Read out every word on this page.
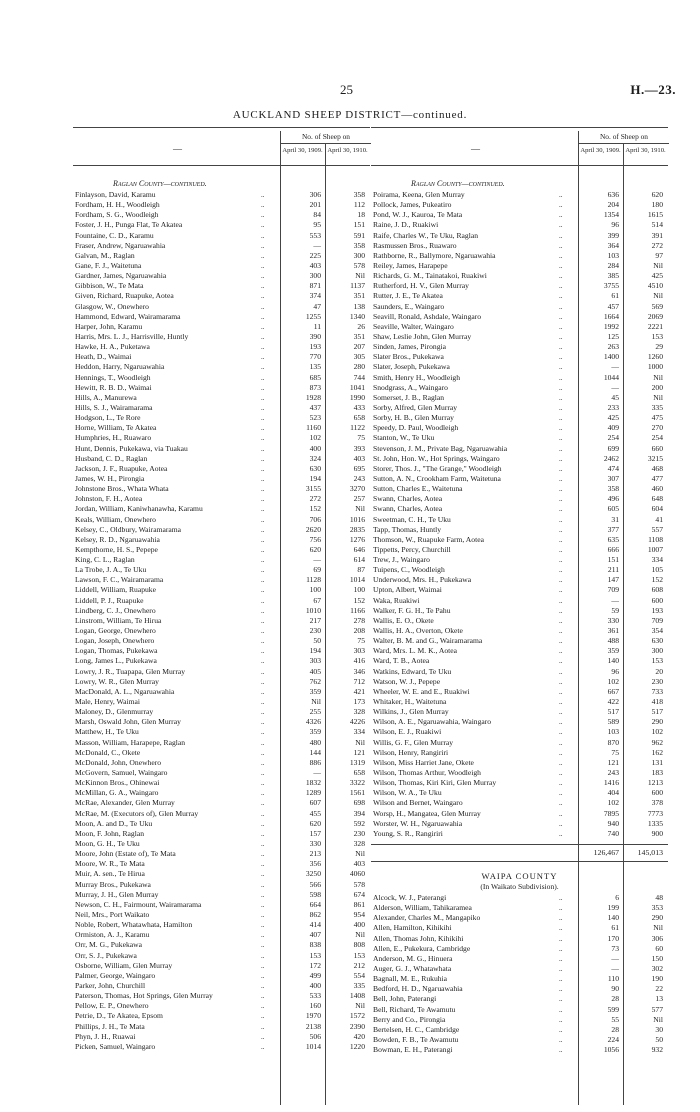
25	H.—23.
AUCKLAND SHEEP DISTRICT—continued.
—
No. of Sheep on
April 30, 1909. April 30, 1910.
Raglan County—continued.
Finlayson, David, Karamu	..	306	358
Fordham, H. H., Woodleigh	..	201	112
Fordham, S. G., Woodleigh	..	84	18
Foster, J. H., Punga Flat, Te Akatea	..	95	151
Fountaine, C. D., Karamu	..	553	591
Fraser, Andrew, Ngaruawahia	..	—	358
Galvan, M., Raglan	..	225	300
Gane, F. J., Waitetuna	..	403	578
Gardner, James, Ngaruawahia	..	300	Nil
Gibbison, W., Te Mata	..	871	1137
Given, Richard, Ruapuke, Aotea	..	374	351
Glasgow, W., Onewhero	..	47	138
Hammond, Edward, Wairamarama	..	1255	1340
Harper, John, Karamu	..	11	26
Harris, Mrs. L. J., Harrisville, Huntly	..	390	351
Hawke, H. A., Puketawa	..	193	207
Heath, D., Waimai	..	770	305
Heddon, Harry, Ngaruawahia	..	135	280
Hennings, T., Woodleigh	..	685	744
Hewitt, R. B. D., Waimai	..	873	1041
Hills, A., Manurewa	..	1928	1990
Hills, S. J., Wairamarama	..	437	433
Hodgson, L., Te Rore	..	523	658
Horne, William, Te Akatea	..	1160	1122
Humphries, H., Ruawaro	..	102	75
Hunt, Dennis, Pukekawa, via Tuakau	..	400	393
Husband, C. D., Raglan	..	324	403
Jackson, J. F., Ruapuke, Aotea	..	630	695
James, W. H., Pirongia	..	194	243
Johnstone Bros., Whata Whata	..	3155	3270
Johnston, F. H., Aotea	..	272	257
Jordan, William, Kaniwhanawha, Karamu	..	152	Nil
Keals, William, Onewhero	..	706	1016
Kelsey, C., Oldbury, Wairamarama	..	2620	2835
Kelsey, R. D., Ngaruawahia	..	756	1276
Kempthorne, H. S., Pepepe	..	620	646
King, C. L., Raglan	..	—	614
La Trobe, J. A., Te Uku	..	69	87
Lawson, F. C., Wairamarama	..	1128	1014
Liddell, William, Ruapuke	..	100	100
Liddell, P. J., Ruapuke	..	67	152
Lindberg, C. J., Onewhero	..	1010	1166
Linstrom, William, Te Hirua	..	217	278
Logan, George, Onewhero	..	230	208
Logan, Joseph, Onewhero	..	50	75
Logan, Thomas, Pukekawa	..	194	303
Long, James L., Pukekawa	..	303	416
Lowry, J. R., Tuapapa, Glen Murray	..	405	346
Lowry, W. R., Glen Murray	..	762	712
MacDonald, A. L., Ngaruawahia	..	359	421
Male, Henry, Waimai	..	Nil	173
Maloney, D., Glenmurray	..	255	328
Marsh, Oswald John, Glen Murray	..	4326	4226
Matthew, H., Te Uku	..	359	334
Masson, William, Harapepe, Raglan	..	480	Nil
McDonald, C., Okete	..	144	121
McDonald, John, Onewhero	..	886	1319
McGovern, Samuel, Waingaro	..	—	658
McKinnon Bros., Ohinewai	..	1832	3322
McMillan, G. A., Waingaro	..	1289	1561
McRae, Alexander, Glen Murray	..	607	698
McRae, M. (Executors of), Glen Murray	..	455	394
Moon, A. and D., Te Uku	..	620	592
Moon, F. John, Raglan	..	157	230
Moon, G. H., Te Uku	..	330	328
Moore, John (Estate of), Te Mata	..	213	Nil
Moore, W. R., Te Mata	..	356	403
Muir, A. sen., Te Hirua	..	3250	4060
Murray Bros., Pukekawa	..	566	578
Murray, J. H., Glen Murray	..	598	674
Newson, C. H., Fairmount, Wairamarama	..	664	861
Neil, Mrs., Port Waikato	..	862	954
Noble, Robert, Whatawhata, Hamilton	..	414	400
Ormiston, A. J., Karamu	..	407	Nil
Orr, M. G., Pukekawa	..	838	808
Orr, S. J., Pukekawa	..	153	153
Osborne, William, Glen Murray	..	172	212
Palmer, George, Waingaro	..	499	554
Parker, John, Churchill	..	400	335
Paterson, Thomas, Hot Springs, Glen Murray	..	533	1408
Pellow, E. P., Onewhero	..	160	Nil
Petrie, D., Te Akatea, Epsom	..	1970	1572
Phillips, J. H., Te Mata	..	2138	2390
Phyn, J. H., Ruawai	..	506	420
Picken, Samuel, Waingaro	..	1014	1220
—
No. of Sheep on
April 30, 1909. April 30, 1910.
Raglan County—continued.
Poirama, Keena, Glen Murray	..	636	620
Pollock, James, Pukeatiro	..	204	180
Pond, W. J., Kauroa, Te Mata	..	1354	1615
Raine, J. D., Ruakiwi	..	96	514
Raife, Charles W., Te Uku, Raglan	..	399	391
Rasmussen Bros., Ruawaro	..	364	272
Rathborne, R., Ballymore, Ngaruawahia	..	103	97
Reiley, James, Harapepe	..	284	Nil
Richards, G. M., Tainatakoi, Ruakiwi	..	385	425
Rutherford, H. V., Glen Murray	..	3755	4510
Rutter, J. E., Te Akatea	..	61	Nil
Saunders, E., Waingaro	..	457	569
Seavill, Ronald, Ashdale, Waingaro	..	1664	2069
Seaville, Walter, Waingaro	..	1992	2221
Shaw, Leslie John, Glen Murray	..	125	153
Sinden, James, Pirongia	..	263	29
Slater Bros., Pukekawa	..	1400	1260
Slater, Joseph, Pukekawa	..	—	1000
Smith, Henry H., Woodleigh	..	1044	Nil
Snodgrass, A., Waingaro	..	—	200
Somerset, J. B., Raglan	..	45	Nil
Sorby, Alfred, Glen Murray	..	233	335
Sorby, H. B., Glen Murray	..	425	475
Speedy, D. Paul, Woodleigh	..	409	270
Stanton, W., Te Uku	..	254	254
Stevenson, J. M., Private Bag, Ngaruawahia	..	699	660
St. John, Hon. W., Hot Springs, Waingaro	..	2462	3215
Storer, Thos. J., "The Grange," Woodleigh	..	474	468
Sutton, A. N., Crookham Farm, Waitetuna	..	307	477
Sutton, Charles E., Waitetuna	..	358	460
Swann, Charles, Aotea	..	496	648
Swann, Charles, Aotea	..	605	604
Sweetman, C. H., Te Uku	..	31	41
Tapp, Thomas, Huntly	..	377	557
Thomson, W., Ruapuke Farm, Aotea	..	635	1108
Tippetts, Percy, Churchill	..	666	1007
Trew, J., Waingaro	..	151	334
Tuipens, C., Woodleigh	..	211	105
Underwood, Mrs. H., Pukekawa	..	147	152
Upton, Albert, Waimai	..	709	608
Waka, Ruakiwi	..	—	600
Walker, F. G. H., Te Pahu	..	59	193
Wallis, E. O., Okete	..	330	709
Wallis, H. A., Overton, Okete	..	361	354
Walter, B. M. and G., Wairamarama	..	488	630
Ward, Mrs. L. M. K., Aotea	..	359	300
Ward, T. B., Aotea	..	140	153
Watkins, Edward, Te Uku	..	96	20
Watson, W. J., Pepepe	..	102	230
Wheeler, W. E. and E., Ruakiwi	..	667	733
Whitaker, H., Waitetuna	..	422	418
Wilkins, J., Glen Murray	..	517	517
Wilson, A. E., Ngaruawahia, Waingaro	..	589	290
Wilson, E. J., Ruakiwi	..	103	102
Willis, G. F., Glen Murray	..	870	962
Wilson, Henry, Rangiriri	..	75	162
Wilson, Miss Harriet Jane, Okete	..	121	131
Wilson, Thomas Arthur, Woodleigh	..	243	183
Wilson, Thomas, Kiri Kiri, Glen Murray	..	1416	1213
Wilson, W. A., Te Uku	..	404	600
Wilson and Bernet, Waingaro	..	102	378
Worsp, H., Mangatea, Glen Murray	..	7895	7773
Worster, W. H., Ngaruawahia	..	940	1335
Young, S. R., Rangiriri	..	740	900
126,467	145,013
WAIPA COUNTY
(In Waikato Subdivision).
Alcock, W. J., Paterangi	..	6	48
Alderson, William, Tahikaramea	..	199	353
Alexander, Charles M., Mangapiko	..	140	290
Allen, Hamilton, Kihikihi	..	61	Nil
Allen, Thomas John, Kihikihi	..	170	306
Allen, E., Pukekura, Cambridge	..	73	60
Anderson, M. G., Hinuera	..	—	150
Auger, G. J., Whatawhata	..	—	302
Bagnall, M. E., Rukuhia	..	110	190
Bedford, H. D., Ngaruawahia	..	90	22
Bell, John, Paterangi	..	28	13
Bell, Richard, Te Awamutu	..	599	577
Berry and Co., Pirongia	..	55	Nil
Bertelsen, H. C., Cambridge	..	28	30
Bowden, F. B., Te Awamutu	..	224	50
Bowman, E. H., Paterangi	..	1056	932
